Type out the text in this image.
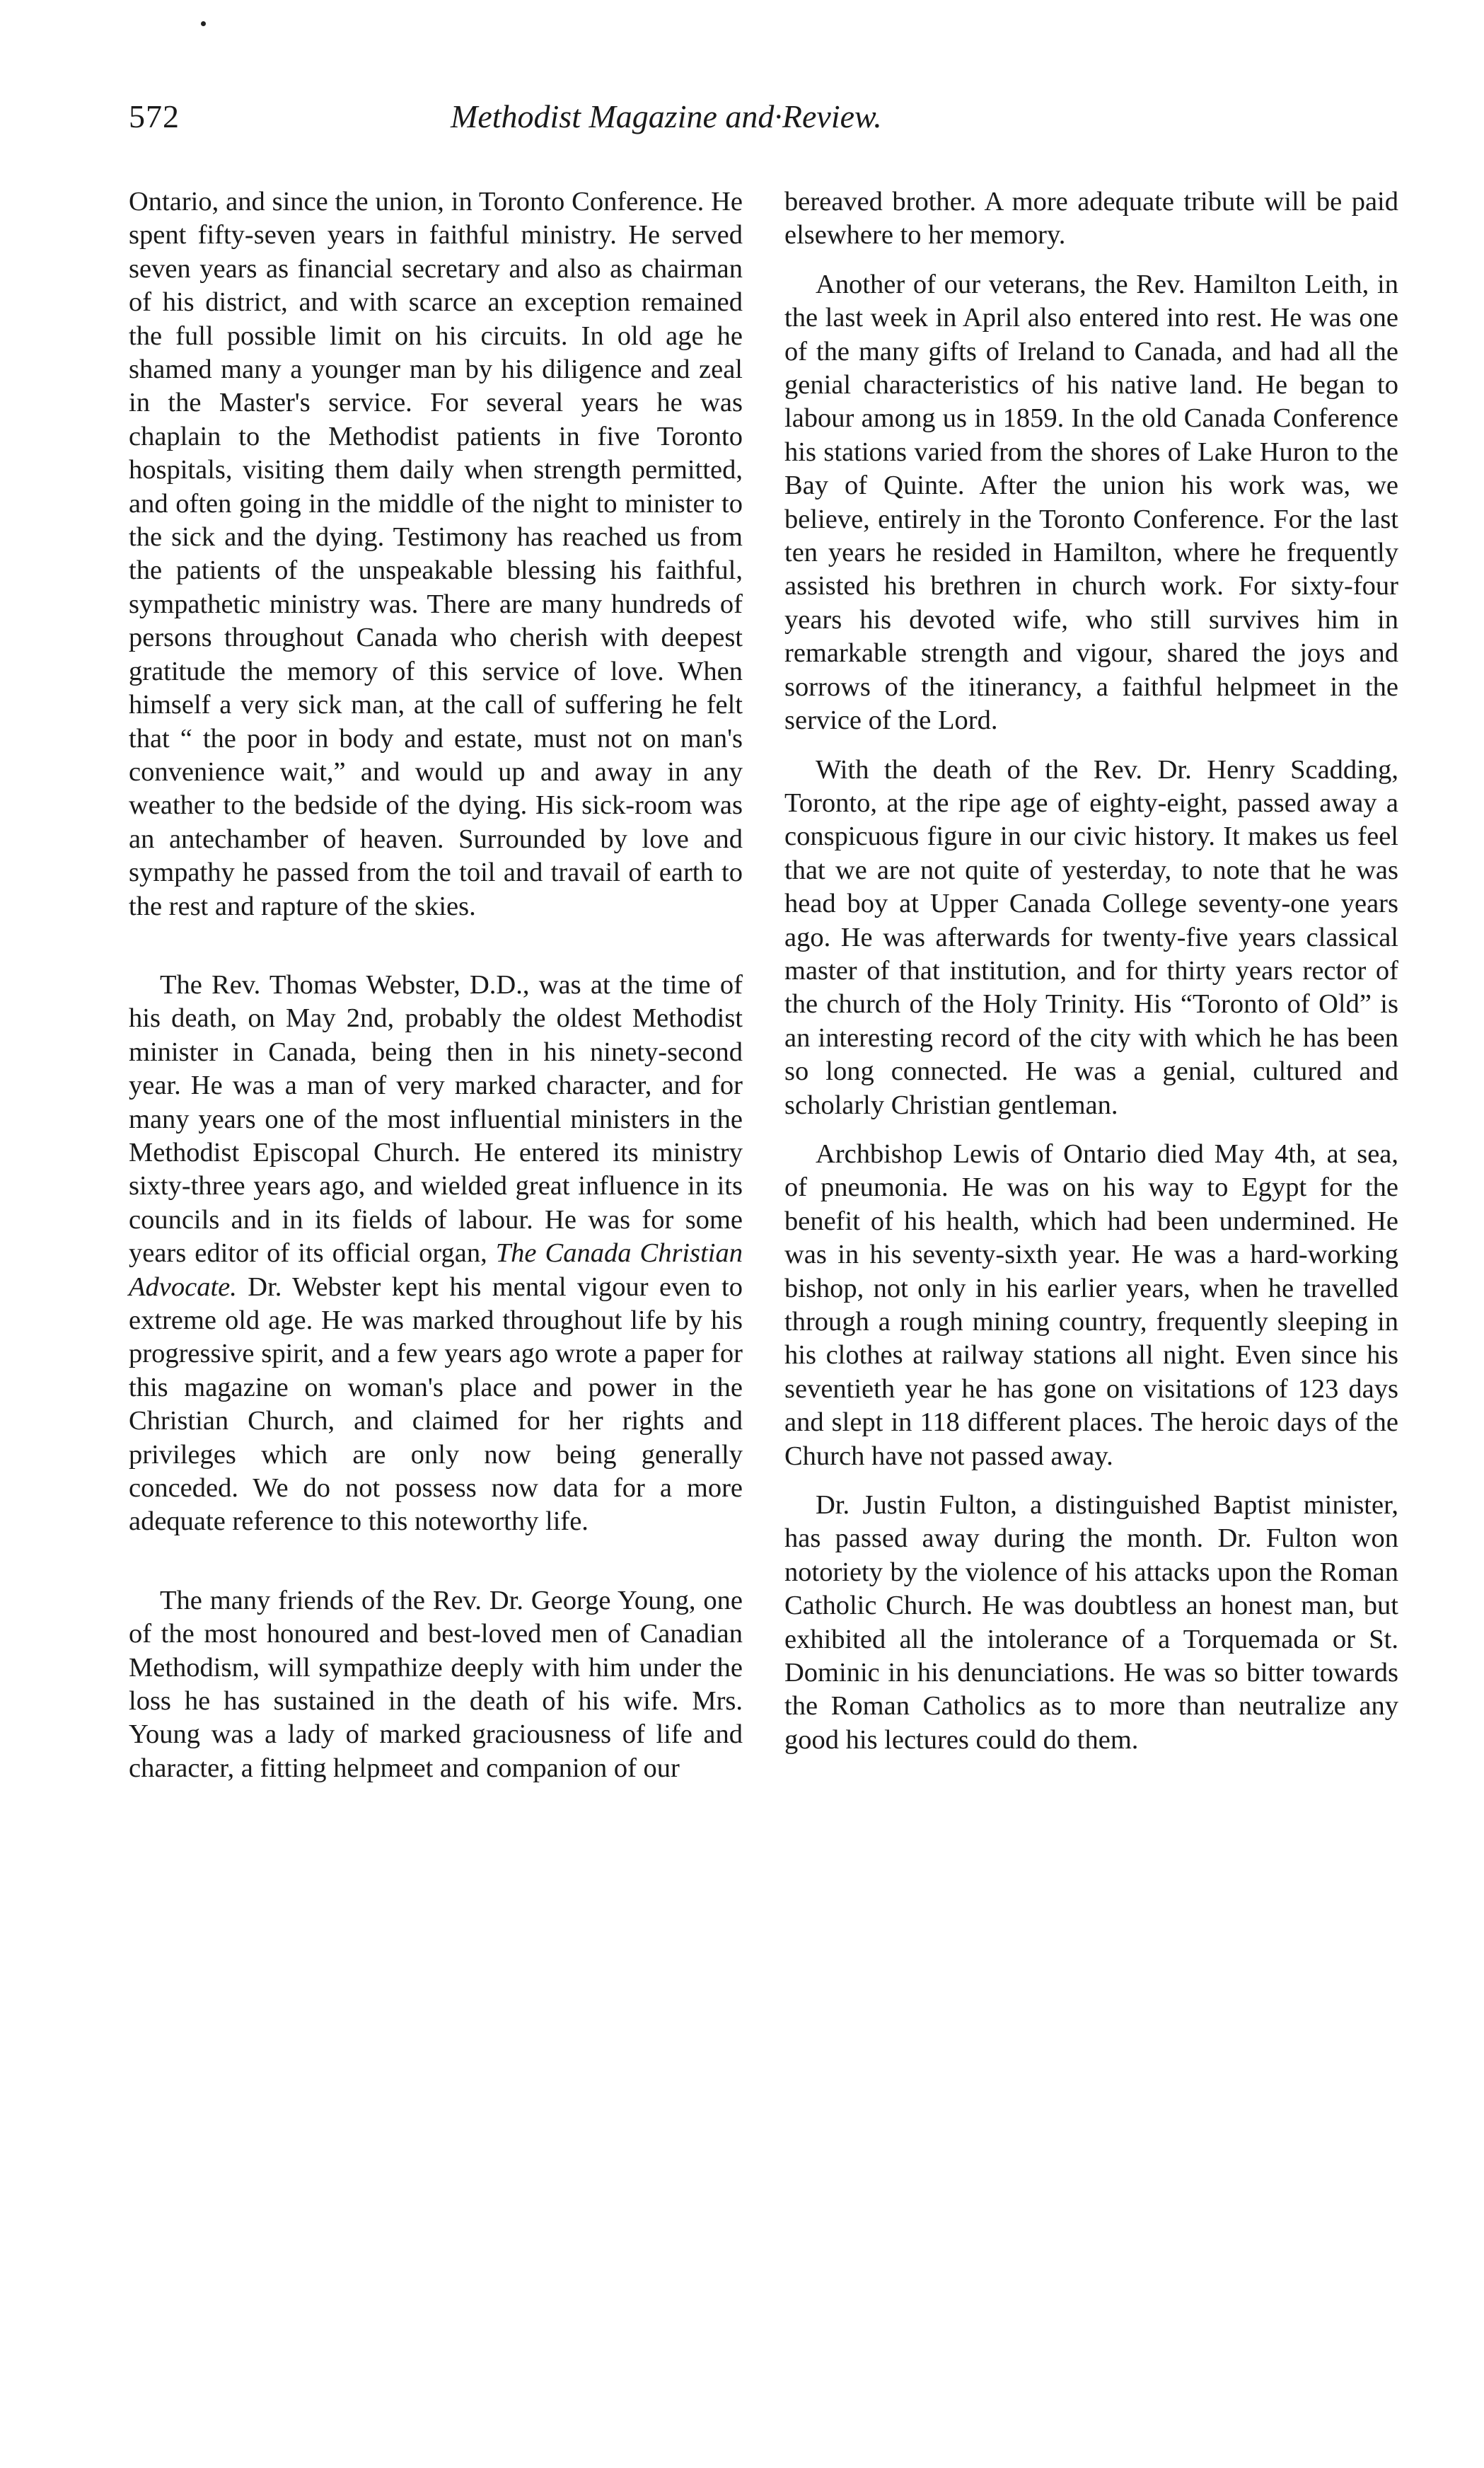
572	Methodist Magazine and·Review.

Ontario, and since the union, in Toronto Conference. He spent fifty-seven years in faithful ministry. He served seven years as financial secretary and also as chairman of his district, and with scarce an exception remained the full possible limit on his circuits. In old age he shamed many a younger man by his diligence and zeal in the Master's service. For several years he was chaplain to the Methodist patients in five Toronto hospitals, visiting them daily when strength permitted, and often going in the middle of the night to minister to the sick and the dying. Testimony has reached us from the patients of the unspeakable blessing his faithful, sympathetic ministry was. There are many hundreds of persons throughout Canada who cherish with deepest gratitude the memory of this service of love. When himself a very sick man, at the call of suffering he felt that “ the poor in body and estate, must not on man's convenience wait,” and would up and away in any weather to the bedside of the dying. His sick-room was an antechamber of heaven. Surrounded by love and sympathy he passed from the toil and travail of earth to the rest and rapture of the skies.

The Rev. Thomas Webster, D.D., was at the time of his death, on May 2nd, probably the oldest Methodist minister in Canada, being then in his ninety-second year. He was a man of very marked character, and for many years one of the most influential ministers in the Methodist Episcopal Church. He entered its ministry sixty-three years ago, and wielded great influence in its councils and in its fields of labour. He was for some years editor of its official organ, The Canada Christian Advocate. Dr. Webster kept his mental vigour even to extreme old age. He was marked throughout life by his progressive spirit, and a few years ago wrote a paper for this magazine on woman's place and power in the Christian Church, and claimed for her rights and privileges which are only now being generally conceded. We do not possess now data for a more adequate reference to this noteworthy life.

The many friends of the Rev. Dr. George Young, one of the most honoured and best-loved men of Canadian Methodism, will sympathize deeply with him under the loss he has sustained in the death of his wife. Mrs. Young was a lady of marked graciousness of life and character, a fitting helpmeet and companion of our

bereaved brother. A more adequate tribute will be paid elsewhere to her memory.

Another of our veterans, the Rev. Hamilton Leith, in the last week in April also entered into rest. He was one of the many gifts of Ireland to Canada, and had all the genial characteristics of his native land. He began to labour among us in 1859. In the old Canada Conference his stations varied from the shores of Lake Huron to the Bay of Quinte. After the union his work was, we believe, entirely in the Toronto Conference. For the last ten years he resided in Hamilton, where he frequently assisted his brethren in church work. For sixty-four years his devoted wife, who still survives him in remarkable strength and vigour, shared the joys and sorrows of the itinerancy, a faithful helpmeet in the service of the Lord.

With the death of the Rev. Dr. Henry Scadding, Toronto, at the ripe age of eighty-eight, passed away a conspicuous figure in our civic history. It makes us feel that we are not quite of yesterday, to note that he was head boy at Upper Canada College seventy-one years ago. He was afterwards for twenty-five years classical master of that institution, and for thirty years rector of the church of the Holy Trinity. His “Toronto of Old” is an interesting record of the city with which he has been so long connected. He was a genial, cultured and scholarly Christian gentleman.

Archbishop Lewis of Ontario died May 4th, at sea, of pneumonia. He was on his way to Egypt for the benefit of his health, which had been undermined. He was in his seventy-sixth year. He was a hard-working bishop, not only in his earlier years, when he travelled through a rough mining country, frequently sleeping in his clothes at railway stations all night. Even since his seventieth year he has gone on visitations of 123 days and slept in 118 different places. The heroic days of the Church have not passed away.

Dr. Justin Fulton, a distinguished Baptist minister, has passed away during the month. Dr. Fulton won notoriety by the violence of his attacks upon the Roman Catholic Church. He was doubtless an honest man, but exhibited all the intolerance of a Torquemada or St. Dominic in his denunciations. He was so bitter towards the Roman Catholics as to more than neutralize any good his lectures could do them.
